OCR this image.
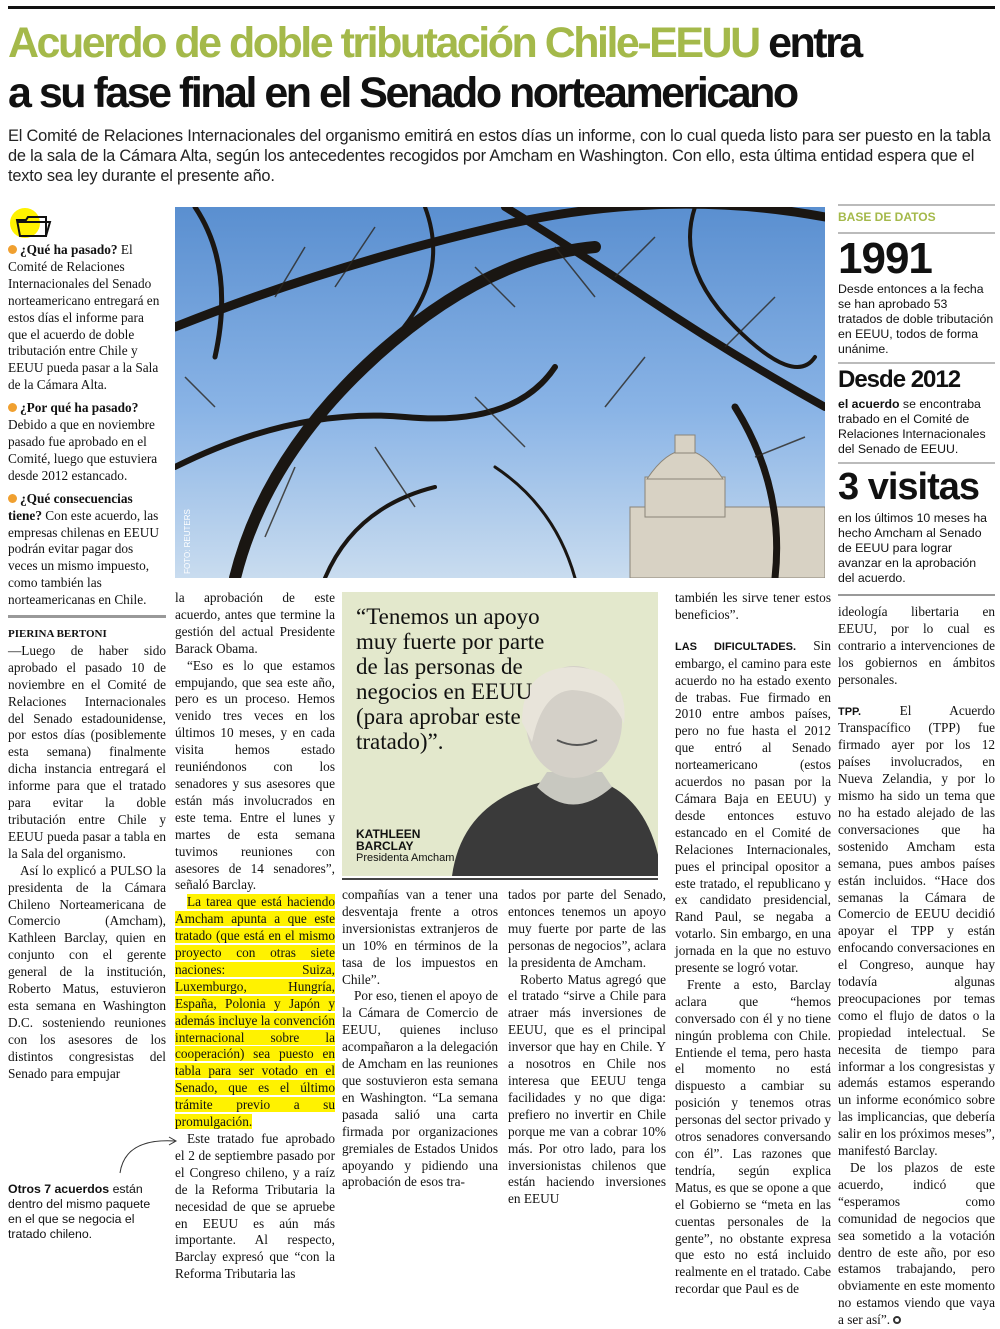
Acuerdo de doble tributación Chile-EEUU entra
a su fase final en el Senado norteamericano

El Comité de Relaciones Internacionales del organismo emitirá en estos días un informe, con lo cual queda listo para ser puesto en la tabla de la sala de la Cámara Alta, según los antecedentes recogidos por Amcham en Washington. Con ello, esta última entidad espera que el texto sea ley durante el presente año.

¿Qué ha pasado? El Comité de Relaciones Internacionales del Senado norteamericano entregará en estos días el informe para que el acuerdo de doble tributación entre Chile y EEUU pueda pasar a la Sala de la Cámara Alta.

¿Por qué ha pasado? Debido a que en noviembre pasado fue aprobado en el Comité, luego que estuviera desde 2012 estancado.

¿Qué consecuencias tiene? Con este acuerdo, las empresas chilenas en EEUU podrán evitar pagar dos veces un mismo impuesto, como también las norteamericanas en Chile.

PIERINA BERTONI

—Luego de haber sido aprobado el pasado 10 de noviembre en el Comité de Relaciones Internacionales del Senado estadounidense, por estos días (posiblemente esta semana) finalmente dicha instancia entregará el informe para que el tratado para evitar la doble tributación entre Chile y EEUU pueda pasar a tabla en la Sala del organismo.

Así lo explicó a PULSO la presidenta de la Cámara Chileno Norteamericana de Comercio (Amcham), Kathleen Barclay, quien en conjunto con el gerente general de la institución, Roberto Matus, estuvieron esta semana en Washington D.C. sosteniendo reuniones con los asesores de los distintos congresistas del Senado para empujar

Otros 7 acuerdos están dentro del mismo paquete en el que se negocia el tratado chileno.

FOTO: REUTERS
BASE DE DATOS
1991

Desde entonces a la fecha se han aprobado 53 tratados de doble tributación en EEUU, todos de forma unánime.

Desde 2012

el acuerdo se encontraba trabado en el Comité de Relaciones Internacionales del Senado de EEUU.

3 visitas

en los últimos 10 meses ha hecho Amcham al Senado de EEUU para lograr avanzar en la aprobación del acuerdo.

ideología libertaria en EEUU, por lo cual es contrario a intervenciones de los gobiernos en ámbitos personales.

TPP. El Acuerdo Transpacífico (TPP) fue firmado ayer por los 12 países involucrados, en Nueva Zelandia, y por lo mismo ha sido un tema que no ha estado alejado de las conversaciones que ha sostenido Amcham esta semana, pues ambos países están incluidos. “Hace dos semanas la Cámara de Comercio de EEUU decidió apoyar el TPP y están enfocando conversaciones en el Congreso, aunque hay todavía algunas preocupaciones por temas como el flujo de datos o la propiedad intelectual. Se necesita de tiempo para informar a los congresistas y además estamos esperando un informe económico sobre las implicancias, que debería salir en los próximos meses”, manifestó Barclay.

De los plazos de este acuerdo, indicó que “esperamos como comunidad de negocios que sea sometido a la votación dentro de este año, por eso estamos trabajando, pero obviamente en este momento no estamos viendo que vaya a ser así”.

la aprobación de este acuerdo, antes que termine la gestión del actual Presidente Barack Obama.

“Eso es lo que estamos empujando, que sea este año, pero es un proceso. Hemos venido tres veces en los últimos 10 meses, y en cada visita hemos estado reuniéndonos con los senadores y sus asesores que están más involucrados en este tema. Entre el lunes y martes de esta semana tuvimos reuniones con asesores de 14 senadores”, señaló Barclay.

La tarea que está haciendo Amcham apunta a que este tratado (que está en el mismo proyecto con otras siete naciones: Suiza, Luxemburgo, Hungría, España, Polonia y Japón y además incluye la convención internacional sobre la cooperación) sea puesto en tabla para ser votado en el Senado, que es el último trámite previo a su promulgación.

Este tratado fue aprobado el 2 de septiembre pasado por el Congreso chileno, y a raíz de la Reforma Tributaria la necesidad de que se apruebe en EEUU es aún más importante. Al respecto, Barclay expresó que “con la Reforma Tributaria las

“Tenemos un apoyo muy fuerte por parte de las personas de negocios en EEUU (para aprobar este tratado)”.

KATHLEEN
BARCLAY
Presidenta Amcham

compañías van a tener una desventaja frente a otros inversionistas extranjeros de un 10% en términos de la tasa de los impuestos en Chile”.

Por eso, tienen el apoyo de la Cámara de Comercio de EEUU, quienes incluso acompañaron a la delegación de Amcham en las reuniones que sostuvieron esta semana en Washington. “La semana pasada salió una carta firmada por organizaciones gremiales de Estados Unidos apoyando y pidiendo una aprobación de esos tra-

tados por parte del Senado, entonces tenemos un apoyo muy fuerte por parte de las personas de negocios”, aclara la presidenta de Amcham.

Roberto Matus agregó que el tratado “sirve a Chile para atraer más inversiones de EEUU, que es el principal inversor que hay en Chile. Y a nosotros en Chile nos interesa que EEUU tenga facilidades y no que diga: prefiero no invertir en Chile porque me van a cobrar 10% más. Por otro lado, para los inversionistas chilenos que están haciendo inversiones en EEUU

también les sirve tener estos beneficios”.

LAS DIFICULTADES. Sin embargo, el camino para este acuerdo no ha estado exento de trabas. Fue firmado en 2010 entre ambos países, pero no fue hasta el 2012 que entró al Senado norteamericano (estos acuerdos no pasan por la Cámara Baja en EEUU) y desde entonces estuvo estancado en el Comité de Relaciones Internacionales, pues el principal opositor a este tratado, el republicano y ex candidato presidencial, Rand Paul, se negaba a votarlo. Sin embargo, en una jornada en la que no estuvo presente se logró votar.

Frente a esto, Barclay aclara que “hemos conversado con él y no tiene ningún problema con Chile. Entiende el tema, pero hasta el momento no está dispuesto a cambiar su posición y tenemos otras personas del sector privado y otros senadores conversando con él”. Las razones que tendría, según explica Matus, es que se opone a que el Gobierno se “meta en las cuentas personales de la gente”, no obstante expresa que esto no está incluido realmente en el tratado. Cabe recordar que Paul es de
